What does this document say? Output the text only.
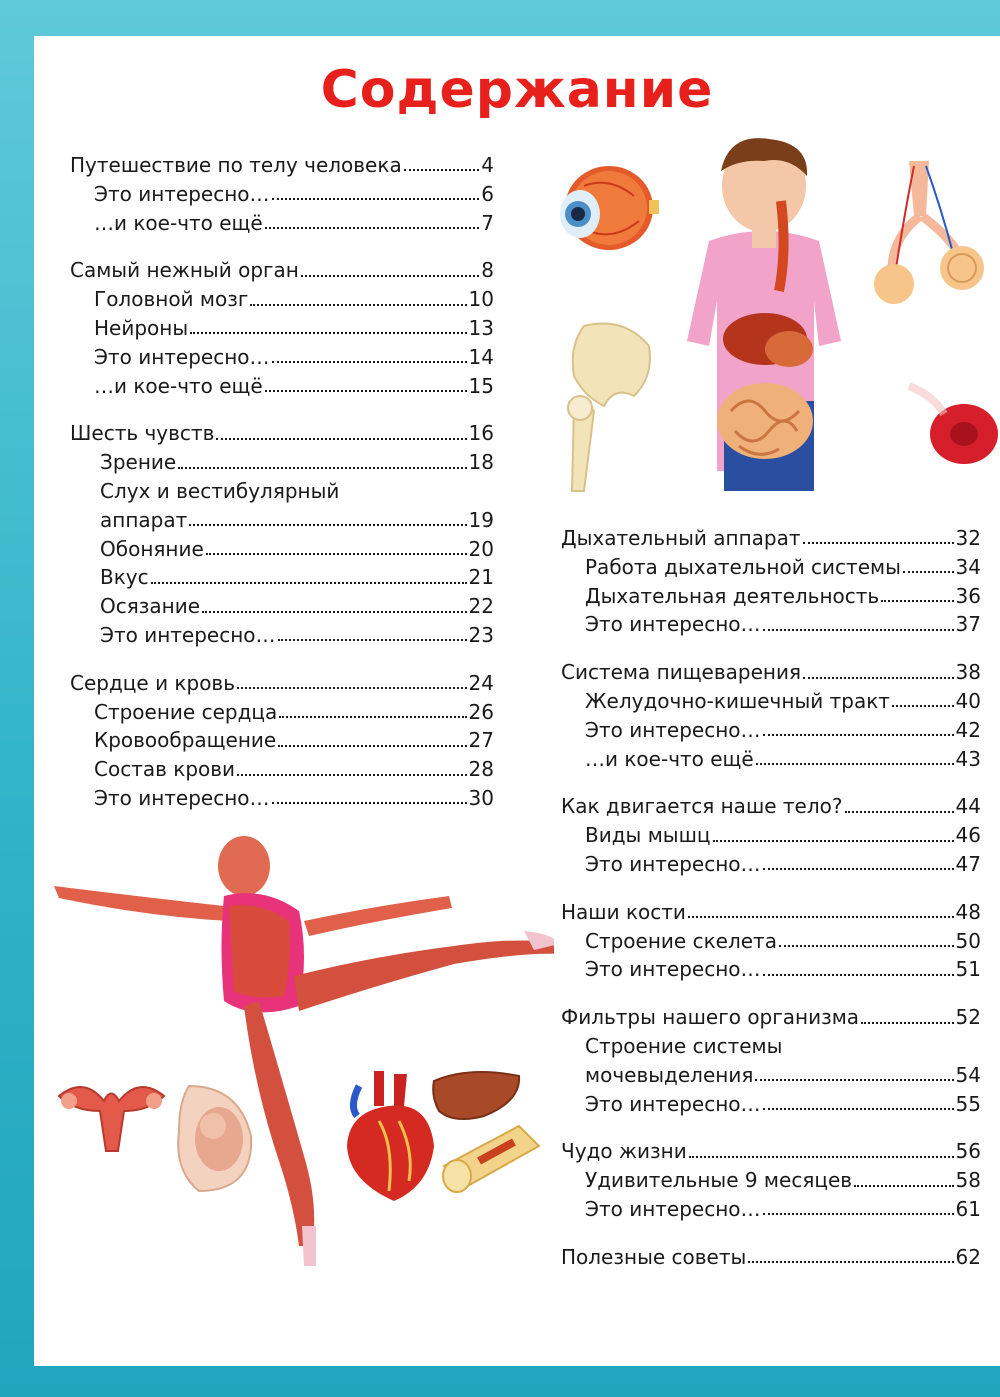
Содержание
Путешествие по телу человека	4
Это интересно…	6
…и кое-что ещё	7
Самый нежный орган	8
Головной мозг	10
Нейроны	13
Это интересно…	14
…и кое-что ещё	15
Шесть чувств	16
Зрение	18
Слух и вестибулярный
аппарат	19
Обоняние	20
Вкус	21
Осязание	22
Это интересно…	23
Сердце и кровь	24
Строение сердца	26
Кровообращение	27
Состав крови	28
Это интересно…	30
Дыхательный аппарат	32
Работа дыхательной системы	34
Дыхательная деятельность	36
Это интересно…	37
Система пищеварения	38
Желудочно-кишечный тракт	40
Это интересно…	42
…и кое-что ещё	43
Как двигается наше тело?	44
Виды мышц	46
Это интересно…	47
Наши кости	48
Строение скелета	50
Это интересно…	51
Фильтры нашего организма	52
Строение системы
мочевыделения	54
Это интересно…	55
Чудо жизни	56
Удивительные 9 месяцев	58
Это интересно…	61
Полезные советы	62
